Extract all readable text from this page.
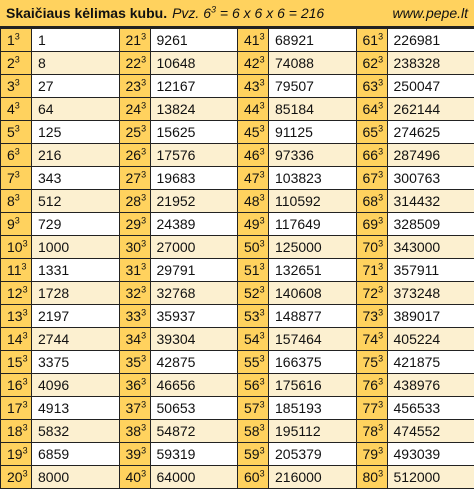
Skaičiaus kėlimas kubu. Pvz. $6^3 = 6$ x 6 x 6 = 216	www.pepe.lt
$1^3$	1	$21^3$	9261	$41^3$	68921	$61^3$	226981
$2^3$	8	$22^3$	10648	$42^3$	74088	$62^3$	238328
$3^3$	27	$23^3$	12167	$43^3$	79507	$63^3$	250047
$4^3$	64	$24^3$	13824	$44^3$	85184	$64^3$	262144
$5^3$	125	$25^3$	15625	$45^3$	91125	$65^3$	274625
$6^3$	216	$26^3$	17576	$46^3$	97336	$66^3$	287496
$7^3$	343	$27^3$	19683	$47^3$	103823	$67^3$	300763
$8^3$	512	$28^3$	21952	$48^3$	110592	$68^3$	314432
$9^3$	729	$29^3$	24389	$49^3$	117649	$69^3$	328509
$10^3$	1000	$30^3$	27000	$50^3$	125000	$70^3$	343000
$11^3$	1331	$31^3$	29791	$51^3$	132651	$71^3$	357911
$12^3$	1728	$32^3$	32768	$52^3$	140608	$72^3$	373248
$13^3$	2197	$33^3$	35937	$53^3$	148877	$73^3$	389017
$14^3$	2744	$34^3$	39304	$54^3$	157464	$74^3$	405224
$15^3$	3375	$35^3$	42875	$55^3$	166375	$75^3$	421875
$16^3$	4096	$36^3$	46656	$56^3$	175616	$76^3$	438976
$17^3$	4913	$37^3$	50653	$57^3$	185193	$77^3$	456533
$18^3$	5832	$38^3$	54872	$58^3$	195112	$78^3$	474552
$19^3$	6859	$39^3$	59319	$59^3$	205379	$79^3$	493039
$20^3$	8000	$40^3$	64000	$60^3$	216000	$80^3$	512000
